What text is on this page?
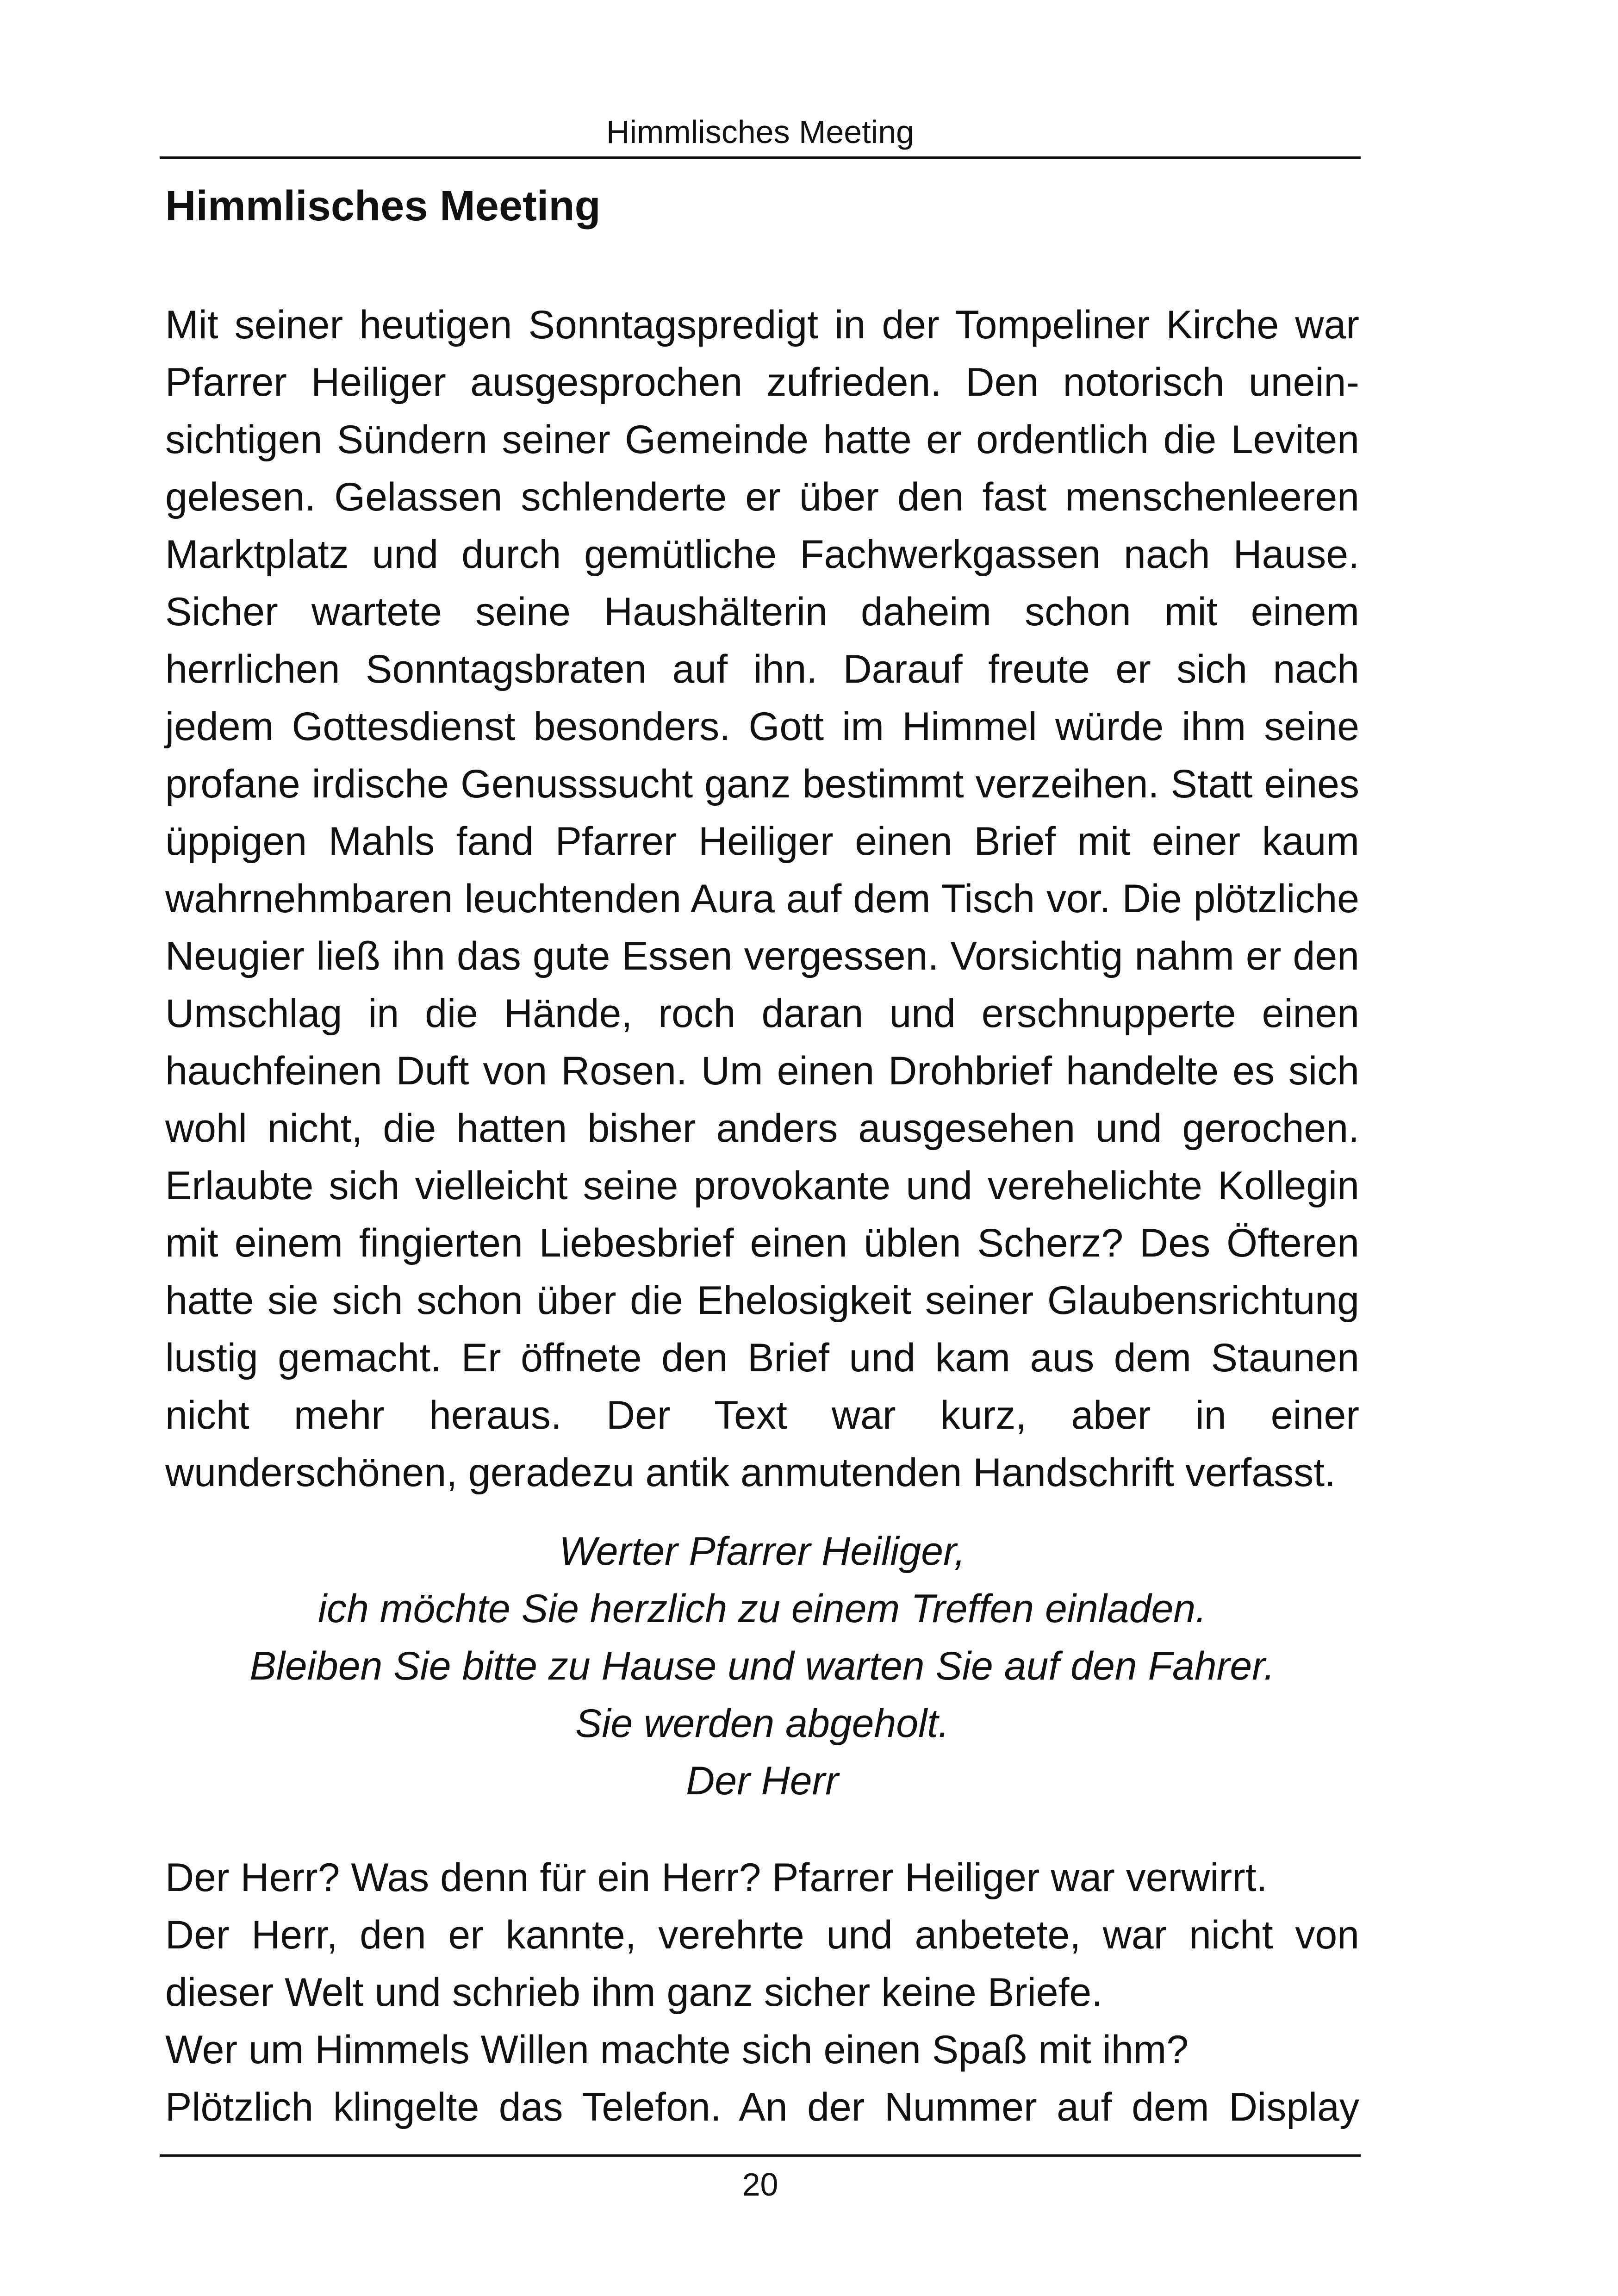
Himmlisches Meeting
Himmlisches Meeting
Mit seiner heutigen Sonntagspredigt in der Tompeliner Kirche war Pfarrer Heiliger ausgesprochen zufrieden. Den notorisch uneinsichtigen Sündern seiner Gemeinde hatte er ordentlich die Leviten gelesen. Gelassen schlenderte er über den fast menschenleeren Marktplatz und durch gemütliche Fachwerkgassen nach Hause. Sicher wartete seine Haushälterin daheim schon mit einem herrlichen Sonntagsbraten auf ihn. Darauf freute er sich nach jedem Gottesdienst besonders. Gott im Himmel würde ihm seine profane irdische Genusssucht ganz bestimmt verzeihen. Statt eines üppigen Mahls fand Pfarrer Heiliger einen Brief mit einer kaum wahrnehmbaren leuchtenden Aura auf dem Tisch vor. Die plötzliche Neugier ließ ihn das gute Essen vergessen. Vorsichtig nahm er den Umschlag in die Hände, roch daran und erschnupperte einen hauchfeinen Duft von Rosen. Um einen Drohbrief handelte es sich wohl nicht, die hatten bisher anders ausgesehen und gerochen. Erlaubte sich vielleicht seine provokante und verehelichte Kollegin mit einem fingierten Liebesbrief einen üblen Scherz? Des Öfteren hatte sie sich schon über die Ehelosigkeit seiner Glaubensrichtung lustig gemacht. Er öffnete den Brief und kam aus dem Staunen nicht mehr heraus. Der Text war kurz, aber in einer wunderschönen, geradezu antik anmutenden Handschrift verfasst.
Werter Pfarrer Heiliger,
ich möchte Sie herzlich zu einem Treffen einladen.
Bleiben Sie bitte zu Hause und warten Sie auf den Fahrer.
Sie werden abgeholt.
Der Herr

Der Herr? Was denn für ein Herr? Pfarrer Heiliger war verwirrt.

Der Herr, den er kannte, verehrte und anbetete, war nicht von dieser Welt und schrieb ihm ganz sicher keine Briefe.

Wer um Himmels Willen machte sich einen Spaß mit ihm?

Plötzlich klingelte das Telefon. An der Nummer auf dem Display

20
